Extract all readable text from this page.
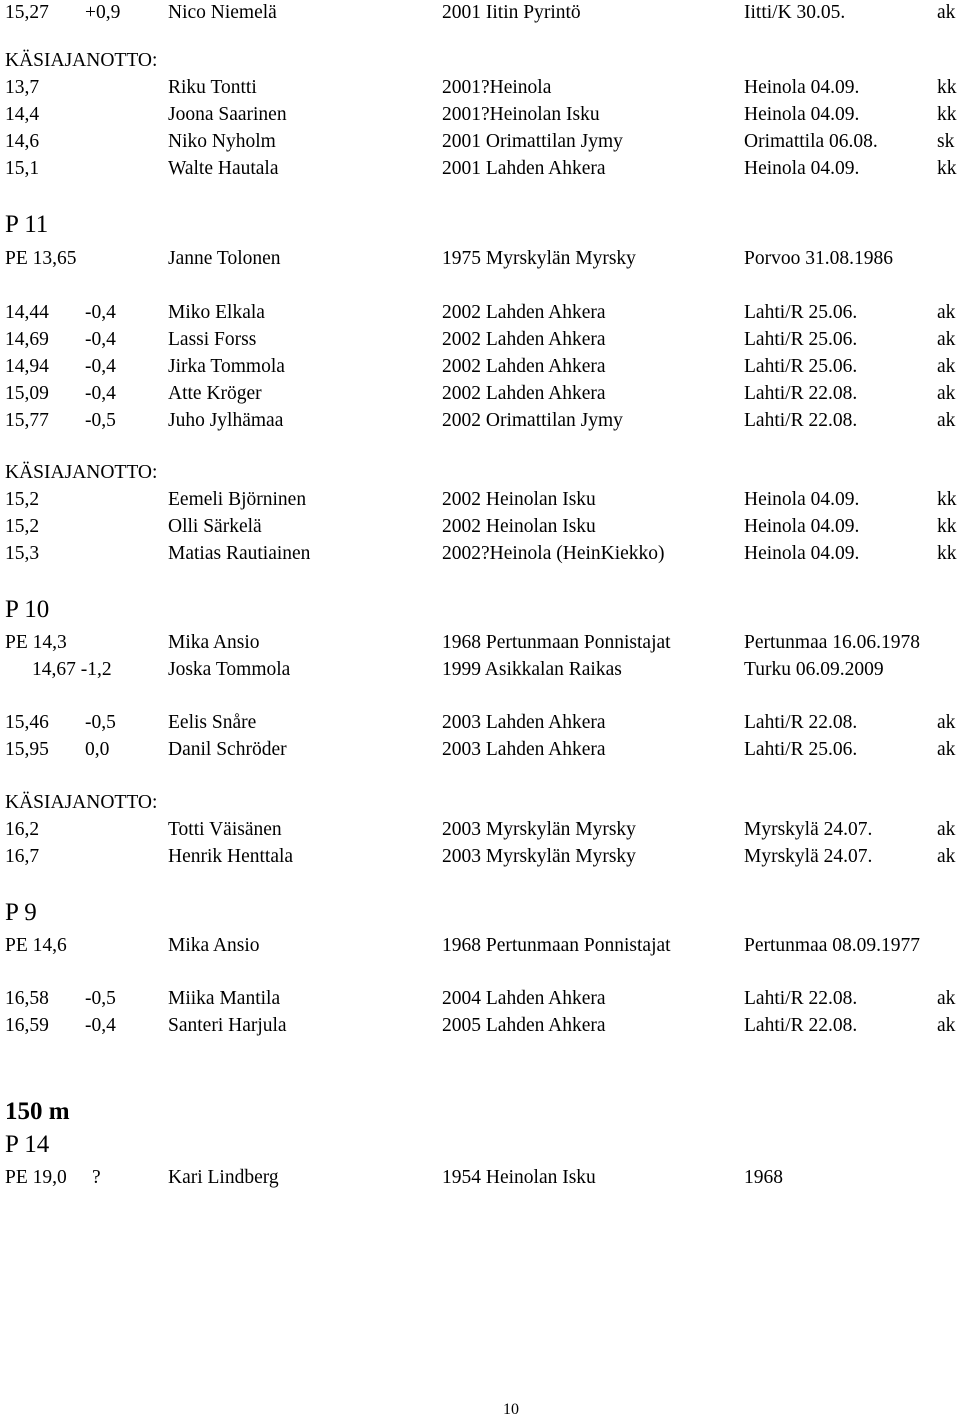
15,27 +0,9 Nico Niemelä	2001 Iitin Pyrintö	Iitti/K 30.05.	ak
KÄSIAJANOTTO:
13,7	Riku Tontti	2001?Heinola	Heinola 04.09.	kk
14,4	Joona Saarinen	2001?Heinolan Isku	Heinola 04.09.	kk
14,6	Niko Nyholm	2001 Orimattilan Jymy	Orimattila 06.08.	sk
15,1	Walte Hautala	2001 Lahden Ahkera	Heinola 04.09.	kk
P 11
PE 13,65	Janne Tolonen	1975 Myrskylän Myrsky	Porvoo 31.08.1986
14,44 -0,4	Miko Elkala	2002 Lahden Ahkera	Lahti/R 25.06.	ak
14,69 -0,4	Lassi Forss	2002 Lahden Ahkera	Lahti/R 25.06.	ak
14,94 -0,4	Jirka Tommola	2002 Lahden Ahkera	Lahti/R 25.06.	ak
15,09 -0,4	Atte Kröger	2002 Lahden Ahkera	Lahti/R 22.08.	ak
15,77 -0,5	Juho Jylhämaa	2002 Orimattilan Jymy	Lahti/R 22.08.	ak
KÄSIAJANOTTO:
15,2	Eemeli Björninen	2002 Heinolan Isku	Heinola 04.09.	kk
15,2	Olli Särkelä	2002 Heinolan Isku	Heinola 04.09.	kk
15,3	Matias Rautiainen	2002?Heinola (HeinKiekko)	Heinola 04.09.	kk
P 10
PE 14,3	Mika Ansio	1968 Pertunmaan Ponnistajat	Pertunmaa 16.06.1978
14,67 -1,2	Joska Tommola	1999 Asikkalan Raikas	Turku 06.09.2009
15,46 -0,5	Eelis Snåre	2003 Lahden Ahkera	Lahti/R 22.08.	ak
15,95 0,0	Danil Schröder	2003 Lahden Ahkera	Lahti/R 25.06.	ak
KÄSIAJANOTTO:
16,2	Totti Väisänen	2003 Myrskylän Myrsky	Myrskylä 24.07.	ak
16,7	Henrik Henttala	2003 Myrskylän Myrsky	Myrskylä 24.07.	ak
P 9
PE 14,6	Mika Ansio	1968 Pertunmaan Ponnistajat	Pertunmaa 08.09.1977
16,58 -0,5	Miika Mantila	2004 Lahden Ahkera	Lahti/R 22.08.	ak
16,59 -0,4	Santeri Harjula	2005 Lahden Ahkera	Lahti/R 22.08.	ak
150 m
P 14
PE 19,0 ?	Kari Lindberg	1954 Heinolan Isku	1968
10
